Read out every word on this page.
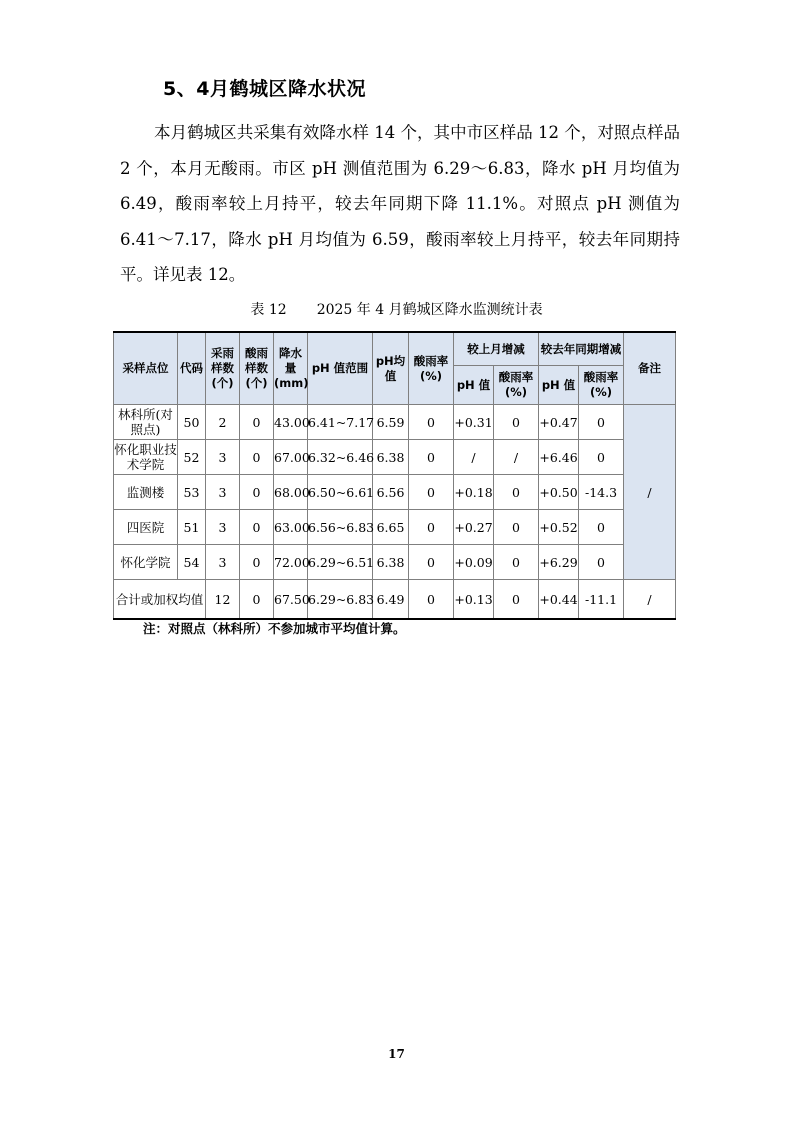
5、4月鹤城区降水状况
本月鹤城区共采集有效降水样 14 个，其中市区样品 12 个，对照点样品 2 个，本月无酸雨。市区 pH 测值范围为 6.29～6.83，降水 pH 月均值为 6.49，酸雨率较上月持平，较去年同期下降 11.1%。对照点 pH 测值为 6.41～7.17，降水 pH 月均值为 6.59，酸雨率较上月持平，较去年同期持平。详见表 12。
表 12 2025 年 4 月鹤城区降水监测统计表
采样点位	代码	采雨样数(个)	酸雨样数(个)	降水量(mm)	pH 值范围	pH均值	酸雨率(%)	较上月增减		较去年同期增减		备注
								pH 值	酸雨率(%)	pH 值	酸雨率(%)	
林科所(对照点)	50	2	0	43.00	6.41~7.17	6.59	0	+0.31	0	+0.47	0	/
怀化职业技术学院	52	3	0	67.00	6.32~6.46	6.38	0	/	/	+6.46	0	
监测楼	53	3	0	68.00	6.50~6.61	6.56	0	+0.18	0	+0.50	-14.3	
四医院	51	3	0	63.00	6.56~6.83	6.65	0	+0.27	0	+0.52	0	
怀化学院	54	3	0	72.00	6.29~6.51	6.38	0	+0.09	0	+6.29	0	
合计或加权均值		12	0	67.50	6.29~6.83	6.49	0	+0.13	0	+0.44	-11.1	/
注：对照点（林科所）不参加城市平均值计算。
17
